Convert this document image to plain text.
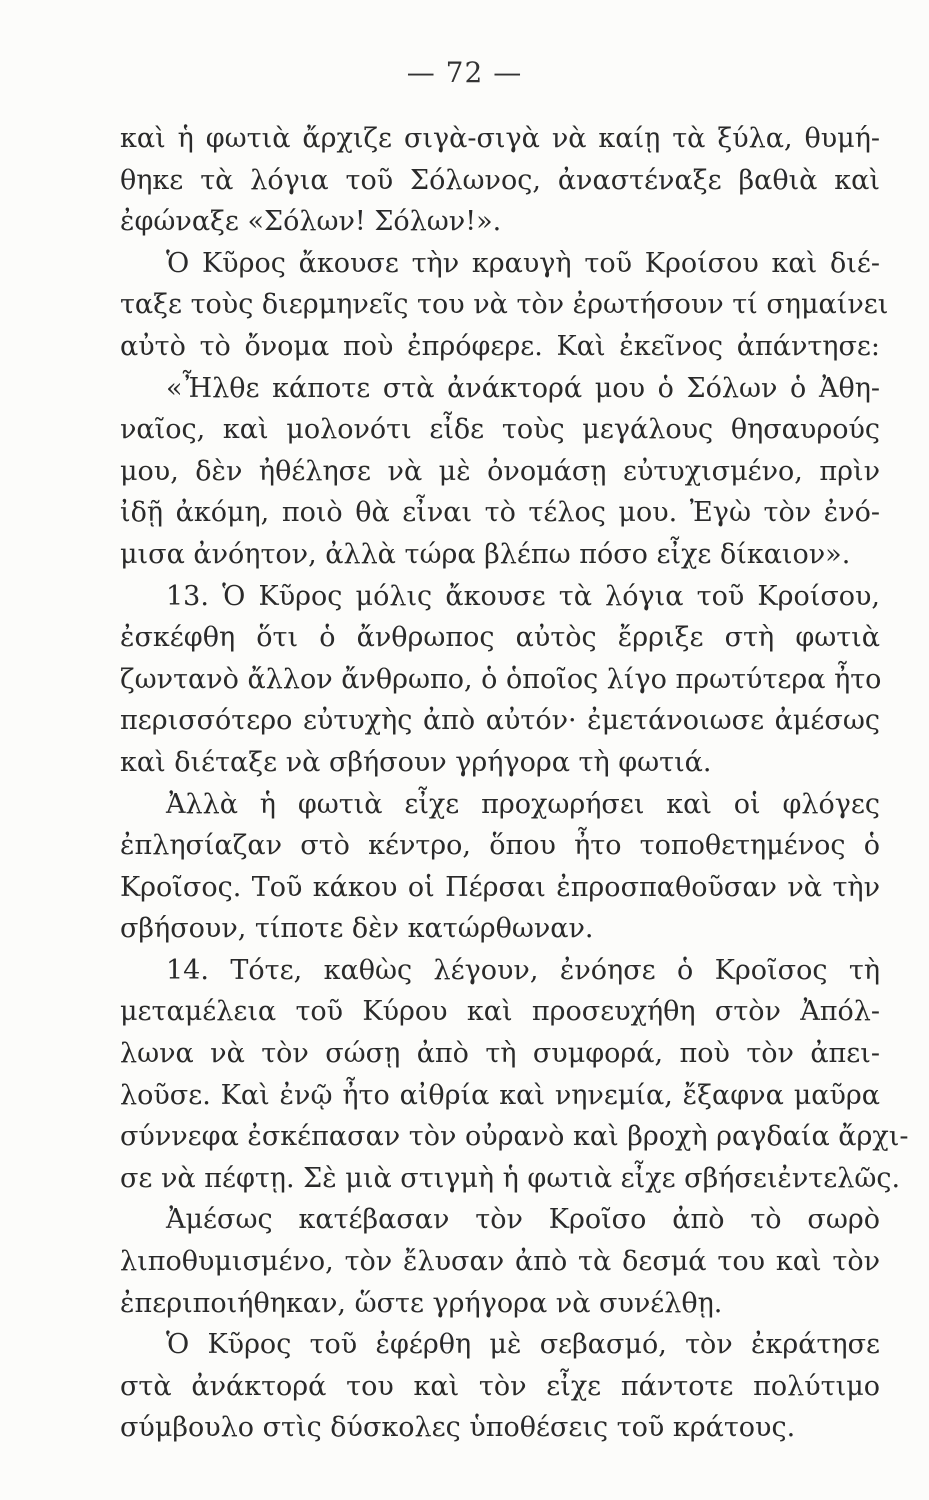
— 72 —
καὶ ἡ φωτιὰ ἄρχιζε σιγὰ-σιγὰ νὰ καίῃ τὰ ξύλα, θυμή-
θηκε τὰ λόγια τοῦ Σόλωνος, ἀναστέναξε βαθιὰ καὶ
ἐφώναξε «Σόλων! Σόλων!».
Ὁ Κῦρος ἄκουσε τὴν κραυγὴ τοῦ Κροίσου καὶ διέ-
ταξε τοὺς διερμηνεῖς του νὰ τὸν ἐρωτήσουν τί σημαίνει
αὐτὸ τὸ ὄνομα ποὺ ἐπρόφερε. Καὶ ἐκεῖνος ἀπάντησε:
«Ἦλθε κάποτε στὰ ἀνάκτορά μου ὁ Σόλων ὁ Ἀθη-
ναῖος, καὶ μολονότι εἶδε τοὺς μεγάλους θησαυρούς
μου, δὲν ἠθέλησε νὰ μὲ ὀνομάσῃ εὐτυχισμένο, πρὶν
ἰδῇ ἀκόμη, ποιὸ θὰ εἶναι τὸ τέλος μου. Ἐγὼ τὸν ἐνό-
μισα ἀνόητον, ἀλλὰ τώρα βλέπω πόσο εἶχε δίκαιον».
13. Ὁ Κῦρος μόλις ἄκουσε τὰ λόγια τοῦ Κροίσου,
ἐσκέφθη ὅτι ὁ ἄνθρωπος αὐτὸς ἔρριξε στὴ φωτιὰ
ζωντανὸ ἄλλον ἄνθρωπο, ὁ ὁποῖος λίγο πρωτύτερα ἦτο
περισσότερο εὐτυχὴς ἀπὸ αὐτόν· ἐμετάνοιωσε ἀμέσως
καὶ διέταξε νὰ σβήσουν γρήγορα τὴ φωτιά.
Ἀλλὰ ἡ φωτιὰ εἶχε προχωρήσει καὶ οἱ φλόγες
ἐπλησίαζαν στὸ κέντρο, ὅπου ἦτο τοποθετημένος ὁ
Κροῖσος. Τοῦ κάκου οἱ Πέρσαι ἐπροσπαθοῦσαν νὰ τὴν
σβήσουν, τίποτε δὲν κατώρθωναν.
14. Τότε, καθὼς λέγουν, ἐνόησε ὁ Κροῖσος τὴ
μεταμέλεια τοῦ Κύρου καὶ προσευχήθη στὸν Ἀπόλ-
λωνα νὰ τὸν σώσῃ ἀπὸ τὴ συμφορά, ποὺ τὸν ἀπει-
λοῦσε. Καὶ ἐνῷ ἦτο αἰθρία καὶ νηνεμία, ἔξαφνα μαῦρα
σύννεφα ἐσκέπασαν τὸν οὐρανὸ καὶ βροχὴ ραγδαία ἄρχι-
σε νὰ πέφτῃ. Σὲ μιὰ στιγμὴ ἡ φωτιὰ εἶχε σβήσειἐντελῶς.
Ἀμέσως κατέβασαν τὸν Κροῖσο ἀπὸ τὸ σωρὸ
λιποθυμισμένο, τὸν ἔλυσαν ἀπὸ τὰ δεσμά του καὶ τὸν
ἐπεριποιήθηκαν, ὥστε γρήγορα νὰ συνέλθῃ.
Ὁ Κῦρος τοῦ ἐφέρθη μὲ σεβασμό, τὸν ἐκράτησε
στὰ ἀνάκτορά του καὶ τὸν εἶχε πάντοτε πολύτιμο
σύμβουλο στὶς δύσκολες ὑποθέσεις τοῦ κράτους.
